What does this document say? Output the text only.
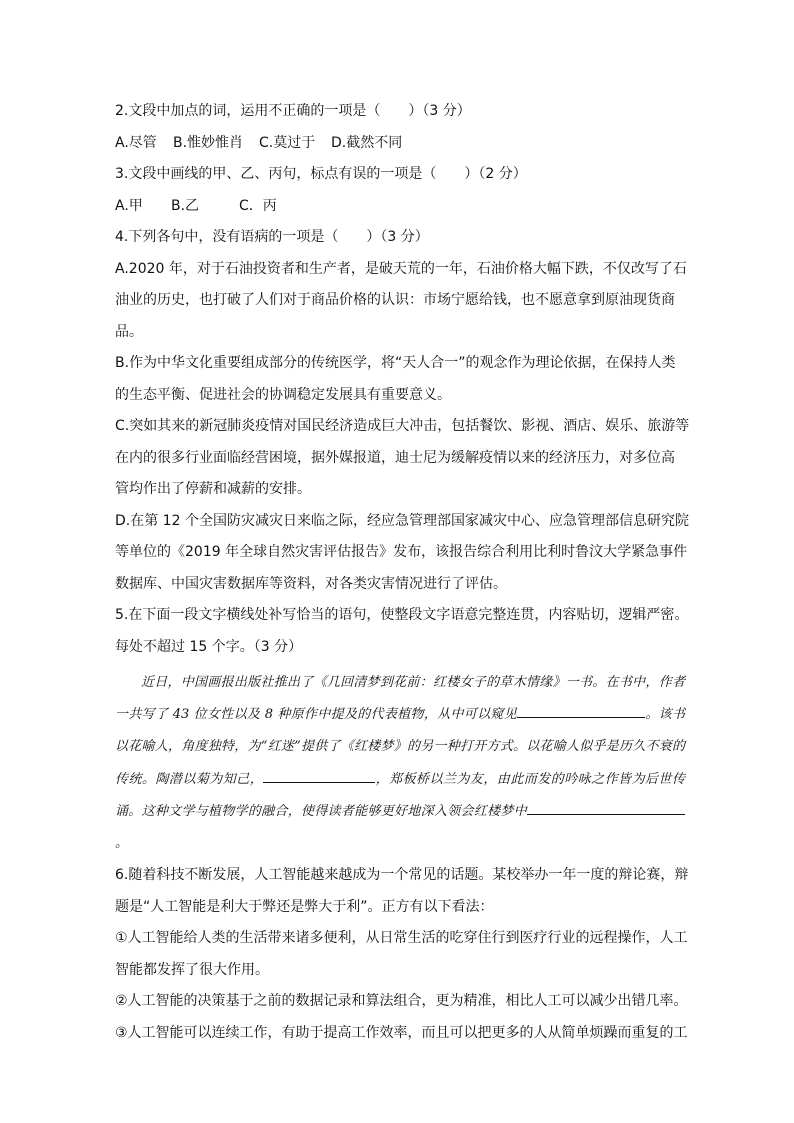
2.文段中加点的词，运用不正确的一项是（　　）（3 分）
A.尽管 B.惟妙惟肖 C.莫过于 D.截然不同
3.文段中画线的甲、乙、丙句，标点有误的一项是（　　）（2 分）
A.甲 B.乙	C．丙
4.下列各句中，没有语病的一项是（　　）（3 分）
A.2020 年，对于石油投资者和生产者，是破天荒的一年，石油价格大幅下跌，不仅改写了石
油业的历史，也打破了人们对于商品价格的认识：市场宁愿给钱，也不愿意拿到原油现货商
品。
B.作为中华文化重要组成部分的传统医学，将“天人合一”的观念作为理论依据，在保持人类
的生态平衡、促进社会的协调稳定发展具有重要意义。
C.突如其来的新冠肺炎疫情对国民经济造成巨大冲击，包括餐饮、影视、酒店、娱乐、旅游等
在内的很多行业面临经营困境，据外媒报道，迪士尼为缓解疫情以来的经济压力，对多位高
管均作出了停薪和减薪的安排。
D.在第 12 个全国防灾减灾日来临之际，经应急管理部国家减灾中心、应急管理部信息研究院
等单位的《2019 年全球自然灾害评估报告》发布，该报告综合利用比利时鲁汶大学紧急事件
数据库、中国灾害数据库等资料，对各类灾害情况进行了评估。
5.在下面一段文字横线处补写恰当的语句，使整段文字语意完整连贯，内容贴切，逻辑严密。
每处不超过 15 个字。（3 分）

近日，中国画报出版社推出了《几回清梦到花前：红楼女子的草木情缘》一书。在书中，作者一共写了 43 位女性以及 8 种原作中提及的代表植物，从中可以窥见	。该书以花喻人，角度独特，为“红迷”提供了《红楼梦》的另一种打开方式。以花喻人似乎是历久不衰的传统。陶潜以菊为知己，	，郑板桥以兰为友，由此而发的吟咏之作皆为后世传诵。这种文学与植物学的融合，使得读者能够更好地深入领会红楼梦中。

6.随着科技不断发展，人工智能越来越成为一个常见的话题。某校举办一年一度的辩论赛，辩
题是“人工智能是利大于弊还是弊大于利”。正方有以下看法：
①人工智能给人类的生活带来诸多便利，从日常生活的吃穿住行到医疗行业的远程操作，人工
智能都发挥了很大作用。
②人工智能的决策基于之前的数据记录和算法组合，更为精准，相比人工可以减少出错几率。
③人工智能可以连续工作，有助于提高工作效率，而且可以把更多的人从简单烦躁而重复的工
